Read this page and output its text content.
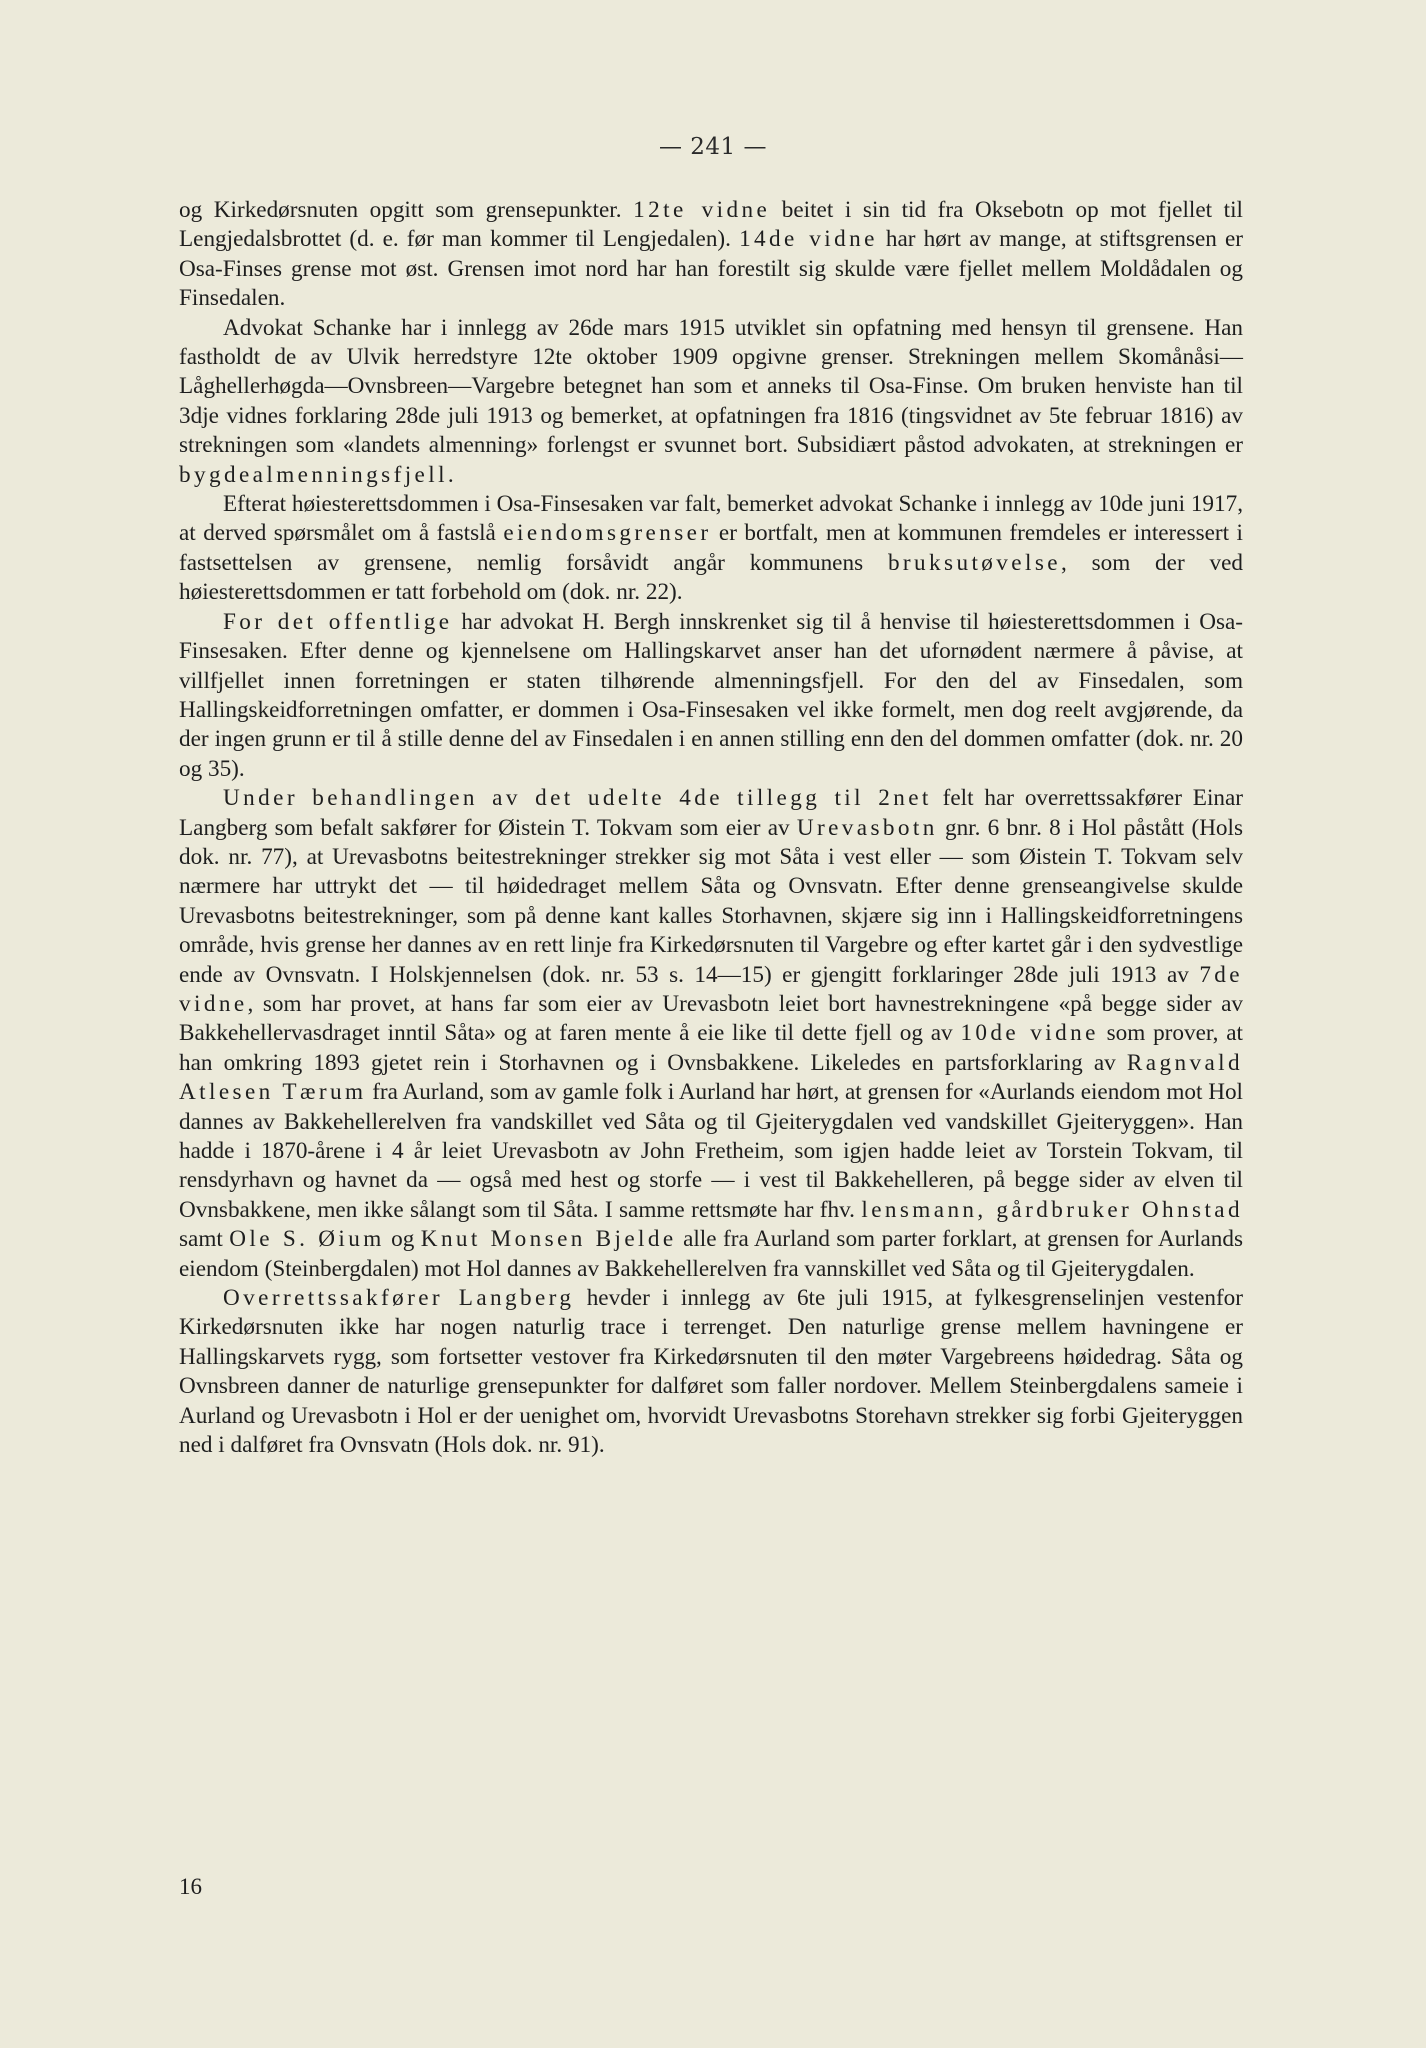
— 241 —

og Kirkedørsnuten opgitt som grensepunkter. 12te vidne beitet i sin tid fra Oksebotn op mot fjellet til Lengjedalsbrottet (d. e. før man kommer til Lengjedalen). 14de vidne har hørt av mange, at stiftsgrensen er Osa-Finses grense mot øst. Grensen imot nord har han forestilt sig skulde være fjellet mellem Moldådalen og Finsedalen.

Advokat Schanke har i innlegg av 26de mars 1915 utviklet sin opfatning med hensyn til grensene. Han fastholdt de av Ulvik herredstyre 12te oktober 1909 opgivne grenser. Strekningen mellem Skomånåsi—Låghellerhøgda—Ovnsbreen—Vargebre betegnet han som et anneks til Osa-Finse. Om bruken henviste han til 3dje vidnes forklaring 28de juli 1913 og bemerket, at opfatningen fra 1816 (tingsvidnet av 5te februar 1816) av strekningen som «landets almenning» forlengst er svunnet bort. Subsidiært påstod advokaten, at strekningen er bygdealmenningsfjell.

Efterat høiesterettsdommen i Osa-Finsesaken var falt, bemerket advokat Schanke i innlegg av 10de juni 1917, at derved spørsmålet om å fastslå eiendomsgrenser er bortfalt, men at kommunen fremdeles er interessert i fastsettelsen av grensene, nemlig forsåvidt angår kommunens bruksutøvelse, som der ved høiesterettsdommen er tatt forbehold om (dok. nr. 22).

For det offentlige har advokat H. Bergh innskrenket sig til å henvise til høiesterettsdommen i Osa-Finsesaken. Efter denne og kjennelsene om Hallingskarvet anser han det ufornødent nærmere å påvise, at villfjellet innen forretningen er staten tilhørende almenningsfjell. For den del av Finsedalen, som Hallingskeidforretningen omfatter, er dommen i Osa-Finsesaken vel ikke formelt, men dog reelt avgjørende, da der ingen grunn er til å stille denne del av Finsedalen i en annen stilling enn den del dommen omfatter (dok. nr. 20 og 35).

Under behandlingen av det udelte 4de tillegg til 2net felt har overrettssakfører Einar Langberg som befalt sakfører for Øistein T. Tokvam som eier av Urevasbotn gnr. 6 bnr. 8 i Hol påstått (Hols dok. nr. 77), at Urevasbotns beitestrekninger strekker sig mot Såta i vest eller — som Øistein T. Tokvam selv nærmere har uttrykt det — til høidedraget mellem Såta og Ovnsvatn. Efter denne grenseangivelse skulde Urevasbotns beitestrekninger, som på denne kant kalles Storhavnen, skjære sig inn i Hallingskeidforretningens område, hvis grense her dannes av en rett linje fra Kirkedørsnuten til Vargebre og efter kartet går i den sydvestlige ende av Ovnsvatn. I Holskjennelsen (dok. nr. 53 s. 14—15) er gjengitt forklaringer 28de juli 1913 av 7de vidne, som har provet, at hans far som eier av Urevasbotn leiet bort havnestrekningene «på begge sider av Bakkehellervasdraget inntil Såta» og at faren mente å eie like til dette fjell og av 10de vidne som prover, at han omkring 1893 gjetet rein i Storhavnen og i Ovnsbakkene. Likeledes en partsforklaring av Ragnvald Atlesen Tærum fra Aurland, som av gamle folk i Aurland har hørt, at grensen for «Aurlands eiendom mot Hol dannes av Bakkehellerelven fra vandskillet ved Såta og til Gjeiterygdalen ved vandskillet Gjeiteryggen». Han hadde i 1870-årene i 4 år leiet Urevasbotn av John Fretheim, som igjen hadde leiet av Torstein Tokvam, til rensdyrhavn og havnet da — også med hest og storfe — i vest til Bakkehelleren, på begge sider av elven til Ovnsbakkene, men ikke sålangt som til Såta. I samme rettsmøte har fhv. lensmann, gårdbruker Ohnstad samt Ole S. Øium og Knut Monsen Bjelde alle fra Aurland som parter forklart, at grensen for Aurlands eiendom (Steinbergdalen) mot Hol dannes av Bakkehellerelven fra vannskillet ved Såta og til Gjeiterygdalen.

Overrettssakfører Langberg hevder i innlegg av 6te juli 1915, at fylkesgrenselinjen vestenfor Kirkedørsnuten ikke har nogen naturlig trace i terrenget. Den naturlige grense mellem havningene er Hallingskarvets rygg, som fortsetter vestover fra Kirkedørsnuten til den møter Vargebreens høidedrag. Såta og Ovnsbreen danner de naturlige grensepunkter for dalføret som faller nordover. Mellem Steinbergdalens sameie i Aurland og Urevasbotn i Hol er der uenighet om, hvorvidt Urevasbotns Storehavn strekker sig forbi Gjeiteryggen ned i dalføret fra Ovnsvatn (Hols dok. nr. 91).

16
